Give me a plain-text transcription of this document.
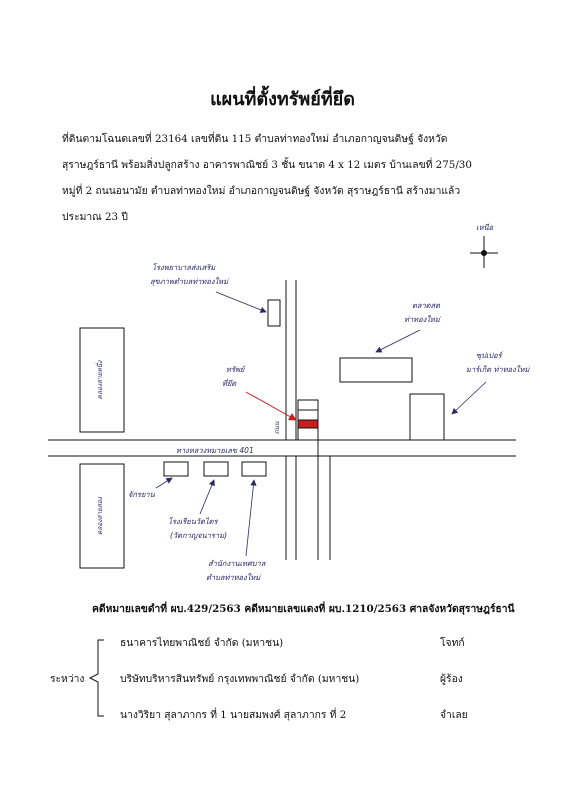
แผนที่ตั้งทรัพย์ที่ยึด
ที่ดินตามโฉนดเลขที่ 23164 เลขที่ดิน 115 ตำบลท่าทองใหม่ อำเภอกาญจนดิษฐ์ จังหวัด
สุราษฎร์ธานี พร้อมสิ่งปลูกสร้าง อาคารพาณิชย์ 3 ชั้น ขนาด 4 x 12 เมตร บ้านเลขที่ 275/30
หมู่ที่ 2 ถนนอนามัย ตำบลท่าทองใหม่ อำเภอกาญจนดิษฐ์ จังหวัด สุราษฎร์ธานี สร้างมาแล้ว
ประมาณ 23 ปี
เหนือ
ทางหลวงหมายเลข 401
คลองสายหนึ่ง
คลองสายสอง
โรงพยาบาลส่งเสริม
สุขภาพตำบลท่าทองใหม่
ตลาดสด
ท่าทองใหม่
ซุปเปอร์
มาร์เก็ต ท่าทองใหม่
ทรัพย์
ที่ยึด
ถนน
จักรยาน
โรงเรียนวัดไตร
(วัดกาญจนาราม)
สำนักงานเทศบาล
ตำบลท่าทองใหม่
คดีหมายเลขดำที่ ผบ.429/2563 คดีหมายเลขแดงที่ ผบ.1210/2563 ศาลจังหวัดสุราษฎร์ธานี
ระหว่าง
ธนาคารไทยพาณิชย์ จำกัด (มหาชน)	โจทก์
บริษัทบริหารสินทรัพย์ กรุงเทพพาณิชย์ จำกัด (มหาชน)	ผู้ร้อง
นางวิริยา สุลาภากร ที่ 1 นายสมพงศ์ สุลาภากร ที่ 2	จำเลย
